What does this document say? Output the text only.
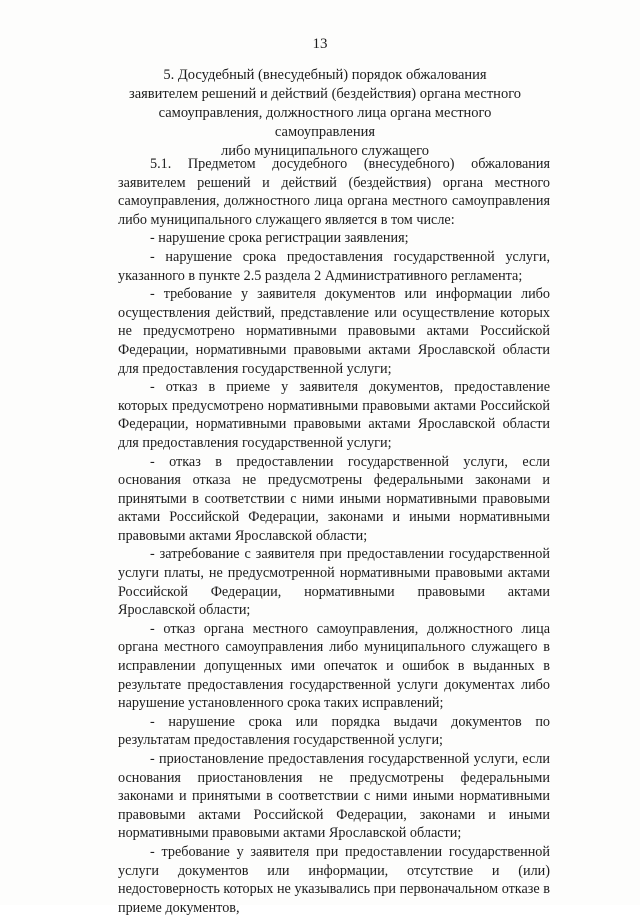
13
5. Досудебный (внесудебный) порядок обжалования
заявителем решений и действий (бездействия) органа местного
самоуправления, должностного лица органа местного самоуправления
либо муниципального служащего

5.1. Предметом досудебного (внесудебного) обжалования заявителем решений и действий (бездействия) органа местного самоуправления, должностного лица органа местного самоуправления либо муниципального служащего является в том числе:

- нарушение срока регистрации заявления;

- нарушение срока предоставления государственной услуги, указанного в пункте 2.5 раздела 2 Административного регламента;

- требование у заявителя документов или информации либо осуществления действий, представление или осуществление которых не предусмотрено нормативными правовыми актами Российской Федерации, нормативными правовыми актами Ярославской области для предоставления государственной услуги;

- отказ в приеме у заявителя документов, предоставление которых предусмотрено нормативными правовыми актами Российской Федерации, нормативными правовыми актами Ярославской области для предоставления государственной услуги;

- отказ в предоставлении государственной услуги, если основания отказа не предусмотрены федеральными законами и принятыми в соответствии с ними иными нормативными правовыми актами Российской Федерации, законами и иными нормативными правовыми актами Ярославской области;

- затребование с заявителя при предоставлении государственной услуги платы, не предусмотренной нормативными правовыми актами Российской Федерации, нормативными правовыми актами Ярославской области;

- отказ органа местного самоуправления, должностного лица органа местного самоуправления либо муниципального служащего в исправлении допущенных ими опечаток и ошибок в выданных в результате предоставления государственной услуги документах либо нарушение установленного срока таких исправлений;

- нарушение срока или порядка выдачи документов по результатам предоставления государственной услуги;

- приостановление предоставления государственной услуги, если основания приостановления не предусмотрены федеральными законами и принятыми в соответствии с ними иными нормативными правовыми актами Российской Федерации, законами и иными нормативными правовыми актами Ярославской области;

- требование у заявителя при предоставлении государственной услуги документов или информации, отсутствие и (или) недостоверность которых не указывались при первоначальном отказе в приеме документов,
